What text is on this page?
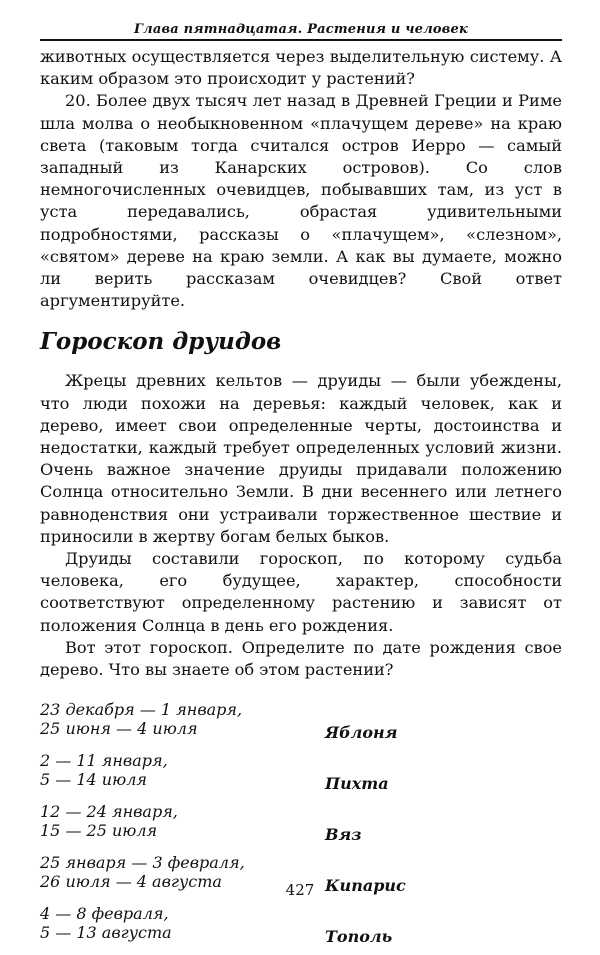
Глава пятнадцатая. Растения и человек

животных осуществляется через выделительную систему. А каким образом это происходит у растений?

20. Более двух тысяч лет назад в Древней Греции и Риме шла молва о необыкновенном «плачущем дереве» на краю света (таковым тогда считался остров Иерро — самый западный из Канарских островов). Со слов немногочисленных очевидцев, побывавших там, из уст в уста передавались, обрастая удивительными подробностями, рассказы о «плачущем», «слезном», «святом» дереве на краю земли. А как вы думаете, можно ли верить рассказам очевидцев? Свой ответ аргументируйте.

Гороскоп друидов

Жрецы древних кельтов — друиды — были убеждены, что люди похожи на деревья: каждый человек, как и дерево, имеет свои определенные черты, достоинства и недостатки, каждый требует определенных условий жизни. Очень важное значение друиды придавали положению Солнца относительно Земли. В дни весеннего или летнего равноденствия они устраивали торжественное шествие и приносили в жертву богам белых быков.

Друиды составили гороскоп, по которому судьба человека, его будущее, характер, способности соответствуют определенному растению и зависят от положения Солнца в день его рождения.

Вот этот гороскоп. Определите по дате рождения свое дерево. Что вы знаете об этом растении?

23 декабря — 1 января,
25 июня — 4 июля	Яблоня
2 — 11 января,
5 — 14 июля	Пихта
12 — 24 января,
15 — 25 июля	Вяз
25 января — 3 февраля,
26 июля — 4 августа	Кипарис
4 — 8 февраля,
5 — 13 августа	Тополь
427
